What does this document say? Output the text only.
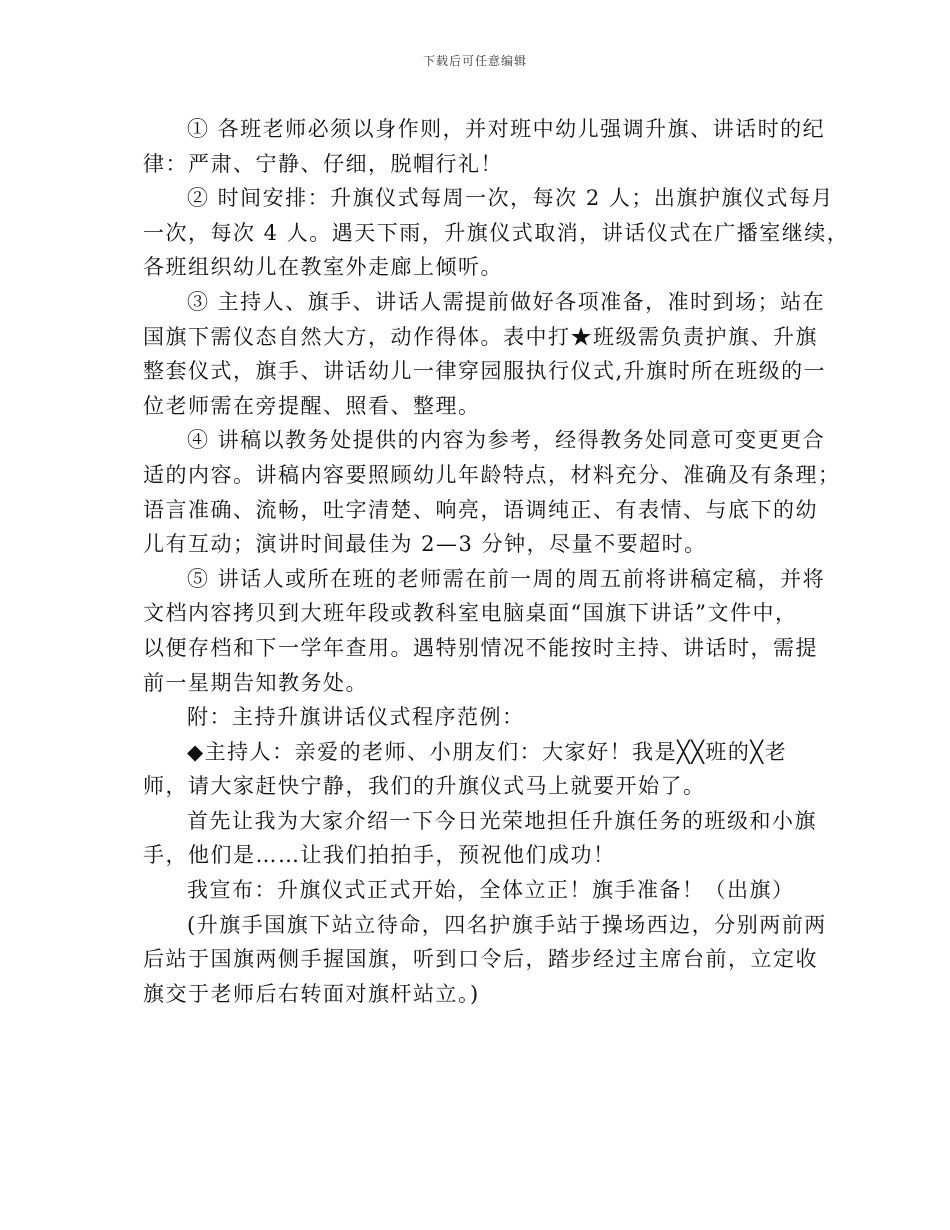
下载后可任意编辑
① 各班老师必须以身作则，并对班中幼儿强调升旗、讲话时的纪
律：严肃、宁静、仔细，脱帽行礼！
② 时间安排：升旗仪式每周一次，每次 2 人；出旗护旗仪式每月
一次，每次 4 人。遇天下雨，升旗仪式取消，讲话仪式在广播室继续，
各班组织幼儿在教室外走廊上倾听。
③ 主持人、旗手、讲话人需提前做好各项准备，准时到场；站在
国旗下需仪态自然大方，动作得体。表中打★班级需负责护旗、升旗
整套仪式，旗手、讲话幼儿一律穿园服执行仪式,升旗时所在班级的一
位老师需在旁提醒、照看、整理。
④ 讲稿以教务处提供的内容为参考，经得教务处同意可变更更合
适的内容。讲稿内容要照顾幼儿年龄特点，材料充分、准确及有条理；
语言准确、流畅，吐字清楚、响亮，语调纯正、有表情、与底下的幼
儿有互动；演讲时间最佳为 2—3 分钟，尽量不要超时。
⑤ 讲话人或所在班的老师需在前一周的周五前将讲稿定稿，并将
文档内容拷贝到大班年段或教科室电脑桌面“国旗下讲话”文件中，
以便存档和下一学年查用。遇特别情况不能按时主持、讲话时，需提
前一星期告知教务处。
附：主持升旗讲话仪式程序范例：
◆主持人：亲爱的老师、小朋友们：大家好！我是╳╳班的╳老
师，请大家赶快宁静，我们的升旗仪式马上就要开始了。
首先让我为大家介绍一下今日光荣地担任升旗任务的班级和小旗
手，他们是……让我们拍拍手，预祝他们成功！
我宣布：升旗仪式正式开始，全体立正！旗手准备！（出旗）
(升旗手国旗下站立待命，四名护旗手站于操场西边，分别两前两
后站于国旗两侧手握国旗，听到口令后，踏步经过主席台前，立定收
旗交于老师后右转面对旗杆站立。)
